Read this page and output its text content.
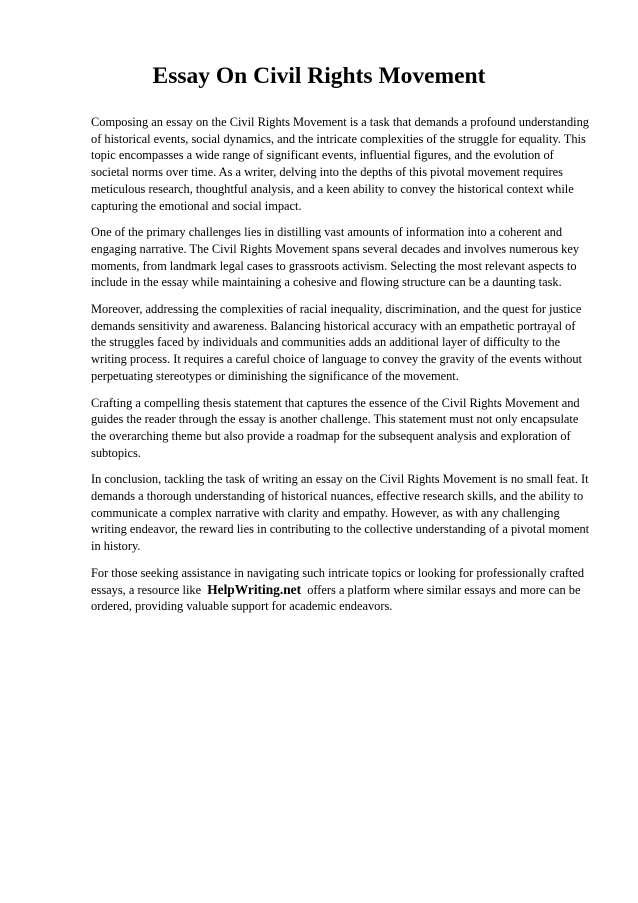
Essay On Civil Rights Movement

Composing an essay on the Civil Rights Movement is a task that demands a profound understanding of historical events, social dynamics, and the intricate complexities of the struggle for equality. This topic encompasses a wide range of significant events, influential figures, and the evolution of societal norms over time. As a writer, delving into the depths of this pivotal movement requires meticulous research, thoughtful analysis, and a keen ability to convey the historical context while capturing the emotional and social impact.

One of the primary challenges lies in distilling vast amounts of information into a coherent and engaging narrative. The Civil Rights Movement spans several decades and involves numerous key moments, from landmark legal cases to grassroots activism. Selecting the most relevant aspects to include in the essay while maintaining a cohesive and flowing structure can be a daunting task.

Moreover, addressing the complexities of racial inequality, discrimination, and the quest for justice demands sensitivity and awareness. Balancing historical accuracy with an empathetic portrayal of the struggles faced by individuals and communities adds an additional layer of difficulty to the writing process. It requires a careful choice of language to convey the gravity of the events without perpetuating stereotypes or diminishing the significance of the movement.

Crafting a compelling thesis statement that captures the essence of the Civil Rights Movement and guides the reader through the essay is another challenge. This statement must not only encapsulate the overarching theme but also provide a roadmap for the subsequent analysis and exploration of subtopics.

In conclusion, tackling the task of writing an essay on the Civil Rights Movement is no small feat. It demands a thorough understanding of historical nuances, effective research skills, and the ability to communicate a complex narrative with clarity and empathy. However, as with any challenging writing endeavor, the reward lies in contributing to the collective understanding of a pivotal moment in history.

For those seeking assistance in navigating such intricate topics or looking for professionally crafted essays, a resource like HelpWriting.net offers a platform where similar essays and more can be ordered, providing valuable support for academic endeavors.
